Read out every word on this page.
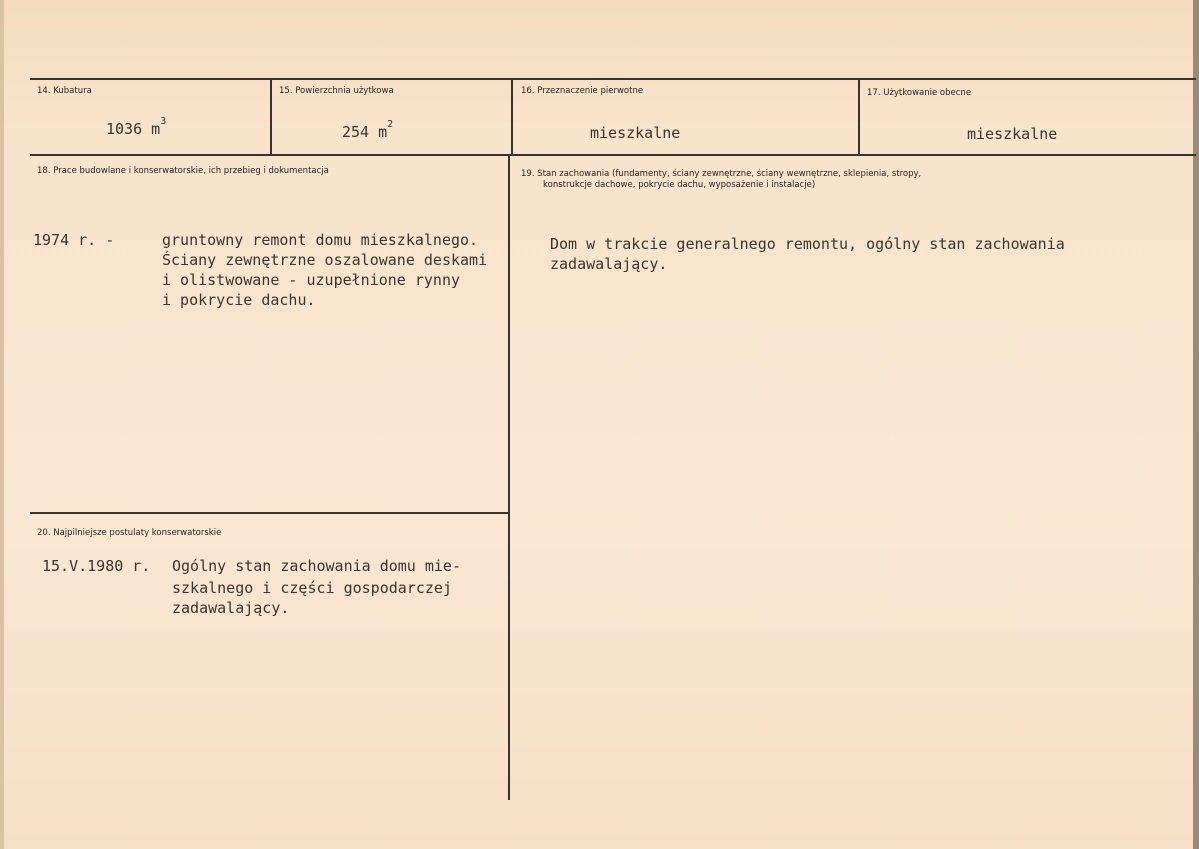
14. Kubatura
1036 $m^3$
15. Powierzchnia użytkowa
254 $m^2$
16. Przeznaczenie pierwotne
mieszkalne
17. Użytkowanie obecne
mieszkalne
18. Prace budowlane i konserwatorskie, ich przebieg i dokumentacja
1974 r. -	gruntowny remont domu mieszkalnego.
Ściany zewnętrzne oszalowane deskami
i olistwowane - uzupełnione rynny
i pokrycie dachu.
19. Stan zachowania (fundamenty, ściany zewnętrzne, ściany wewnętrzne, sklepienia, stropy,
konstrukcje dachowe, pokrycie dachu, wyposażenie i instalacje)
Dom w trakcie generalnego remontu, ogólny stan zachowania
zadawalający.
20. Najpilniejsze postulaty konserwatorskie
15.V.1980 r. Ogólny stan zachowania domu mie-
szkalnego i części gospodarczej
zadawalający.
